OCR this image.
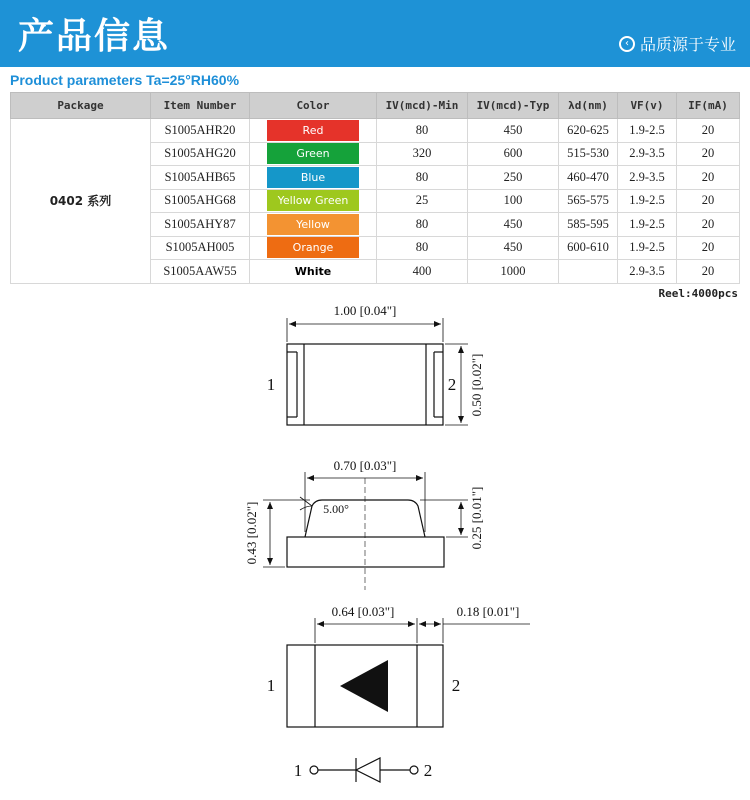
产品信息	‹ 品质源于专业
Product parameters Ta=25°RH60%
Package	Item Number	Color	IV(mcd)-Min	IV(mcd)-Typ	λd(nm)	VF(v)	IF(mA)
0402 系列	S1005AHR20	Red	80	450	620-625	1.9-2.5	20
	S1005AHG20	Green	320	600	515-530	2.9-3.5	20
	S1005AHB65	Blue	80	250	460-470	2.9-3.5	20
	S1005AHG68	Yellow Green	25	100	565-575	1.9-2.5	20
	S1005AHY87	Yellow	80	450	585-595	1.9-2.5	20
	S1005AH005	Orange	80	450	600-610	1.9-2.5	20
	S1005AAW55	White	400	1000		2.9-3.5	20
Reel:4000pcs
1.00 [0.04"]
0.50 [0.02"]
1	2
0.70 [0.03"]
5.00°
0.43 [0.02"]	0.25 [0.01"]
0.64 [0.03"]	0.18 [0.01"]
1	2
1	2
